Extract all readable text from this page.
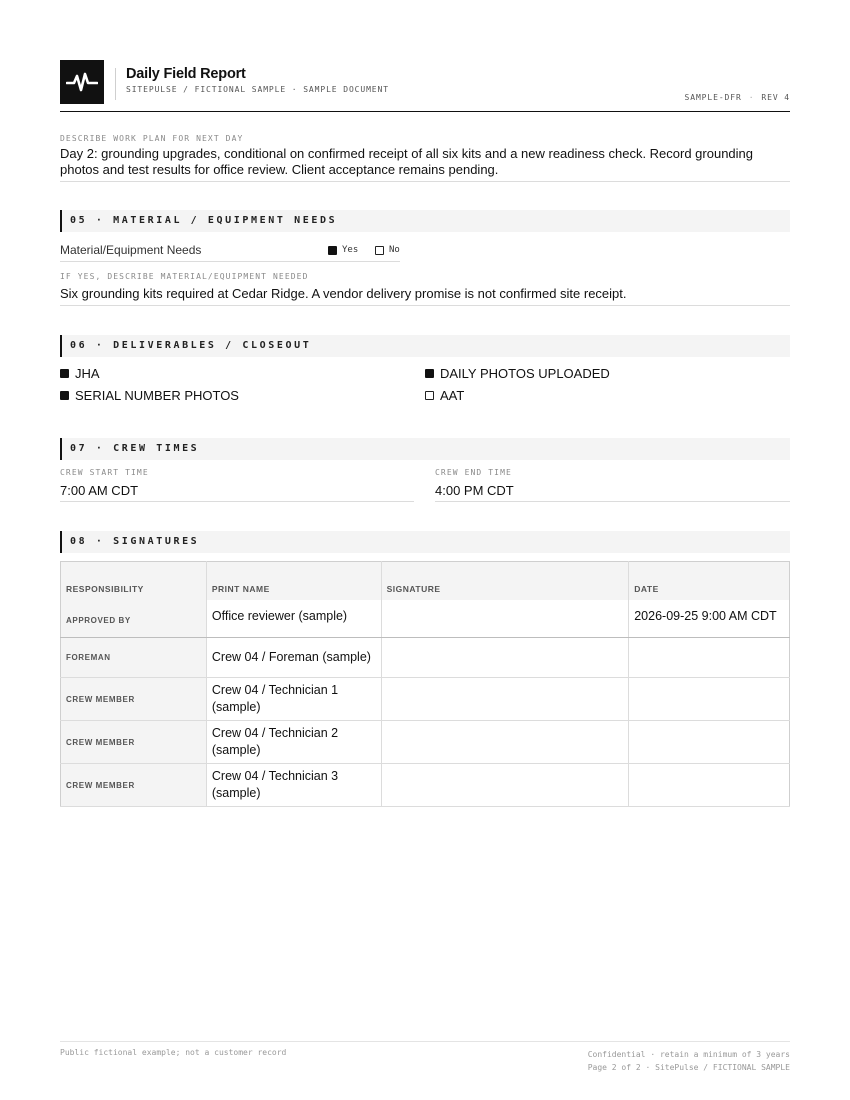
Daily Field Report
SITEPULSE / FICTIONAL SAMPLE · SAMPLE DOCUMENT
SAMPLE-DFR · REV 4
DESCRIBE WORK PLAN FOR NEXT DAY
Day 2: grounding upgrades, conditional on confirmed receipt of all six kits and a new readiness check. Record grounding photos and test results for office review. Client acceptance remains pending.
05 · MATERIAL / EQUIPMENT NEEDS
Material/Equipment Needs	Yes	No
IF YES, DESCRIBE MATERIAL/EQUIPMENT NEEDED
Six grounding kits required at Cedar Ridge. A vendor delivery promise is not confirmed site receipt.
06 · DELIVERABLES / CLOSEOUT
JHA	DAILY PHOTOS UPLOADED
SERIAL NUMBER PHOTOS	AAT
07 · CREW TIMES
CREW START TIME
7:00 AM CDT
CREW END TIME
4:00 PM CDT
08 · SIGNATURES
RESPONSIBILITY	PRINT NAME	SIGNATURE	DATE
APPROVED BY	Office reviewer (sample)		2026-09-25 9:00 AM CDT
FOREMAN	Crew 04 / Foreman (sample)		
CREW MEMBER	Crew 04 / Technician 1 (sample)		
CREW MEMBER	Crew 04 / Technician 2 (sample)		
CREW MEMBER	Crew 04 / Technician 3 (sample)		
Public fictional example; not a customer record	Confidential · retain a minimum of 3 years
Page 2 of 2 · SitePulse / FICTIONAL SAMPLE
